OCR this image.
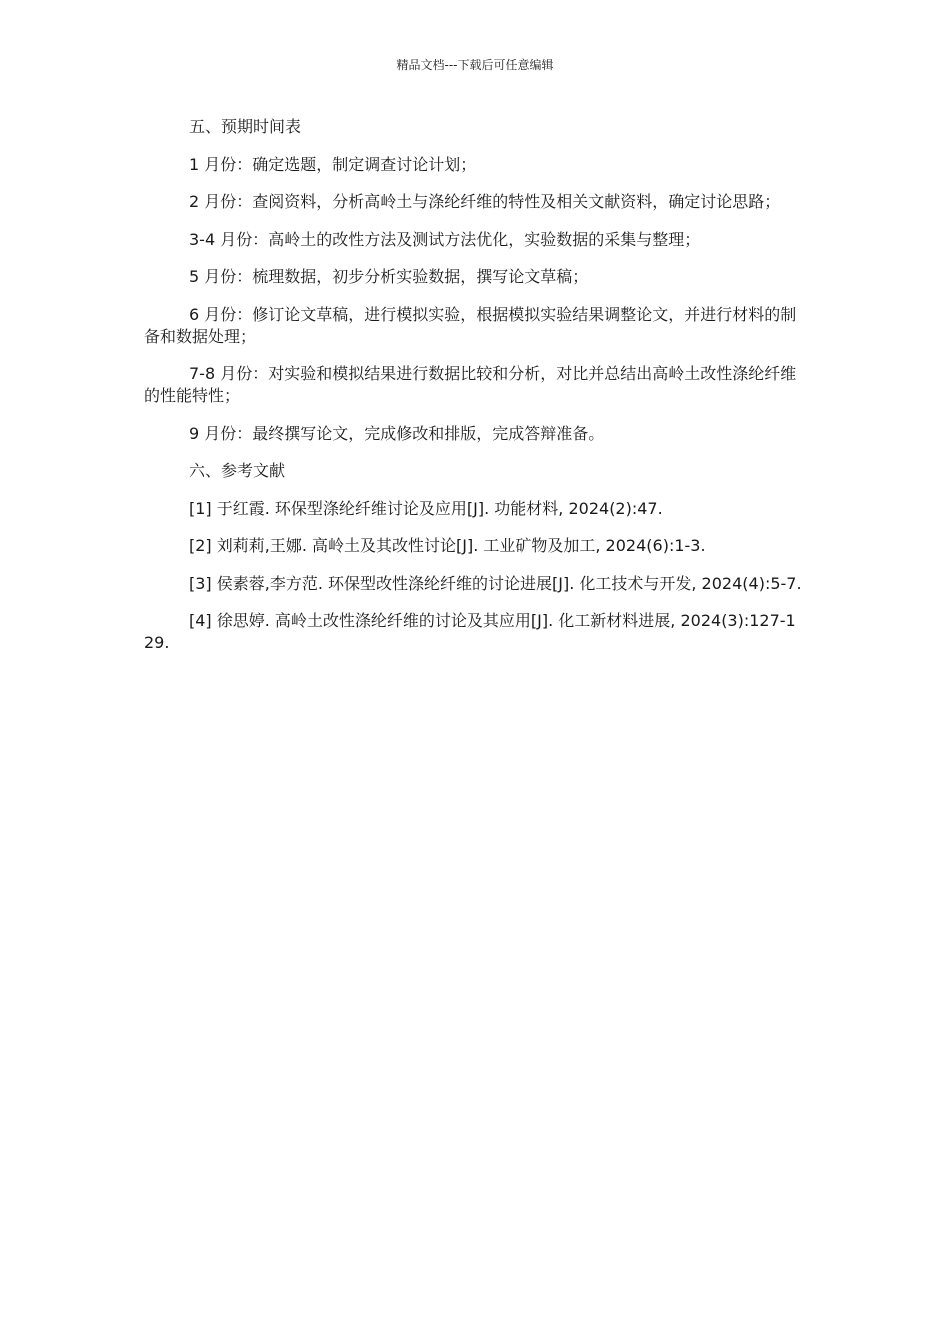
精品文档---下载后可任意编辑

五、预期时间表

1 月份：确定选题，制定调查讨论计划；

2 月份：查阅资料，分析高岭土与涤纶纤维的特性及相关文献资料，确定讨论思路；

3-4 月份：高岭土的改性方法及测试方法优化，实验数据的采集与整理；

5 月份：梳理数据，初步分析实验数据，撰写论文草稿；

6 月份：修订论文草稿，进行模拟实验，根据模拟实验结果调整论文，并进行材料的制备和数据处理；

7-8 月份：对实验和模拟结果进行数据比较和分析，对比并总结出高岭土改性涤纶纤维的性能特性；

9 月份：最终撰写论文，完成修改和排版，完成答辩准备。

六、参考文献

[1] 于红霞. 环保型涤纶纤维讨论及应用[J]. 功能材料, 2024(2):47.

[2] 刘莉莉,王娜. 高岭土及其改性讨论[J]. 工业矿物及加工, 2024(6):1-3.

[3] 侯素蓉,李方范. 环保型改性涤纶纤维的讨论进展[J]. 化工技术与开发, 2024(4):5-7.

[4] 徐思婷. 高岭土改性涤纶纤维的讨论及其应用[J]. 化工新材料进展, 2024(3):127-129.
